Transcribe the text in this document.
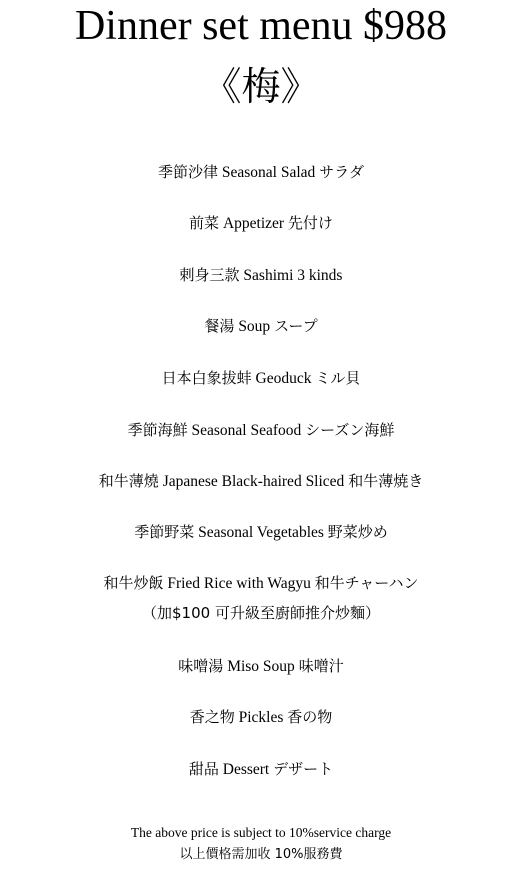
Dinner set menu $988
《梅》
季節沙律 Seasonal Salad サラダ
前菜 Appetizer 先付け
剌身三款 Sashimi 3 kinds
餐湯 Soup スープ
日本白象拔蚌 Geoduck ミル貝
季節海鮮 Seasonal Seafood シーズン海鮮
和牛薄燒 Japanese Black-haired Sliced 和牛薄焼き
季節野菜 Seasonal Vegetables 野菜炒め
和牛炒飯 Fried Rice with Wagyu 和牛チャーハン
（加$100 可升級至廚師推介炒麵）
味噌湯 Miso Soup 味噌汁
香之物 Pickles 香の物
甜品 Dessert デザート
The above price is subject to 10%service charge
以上價格需加收 10%服務費
